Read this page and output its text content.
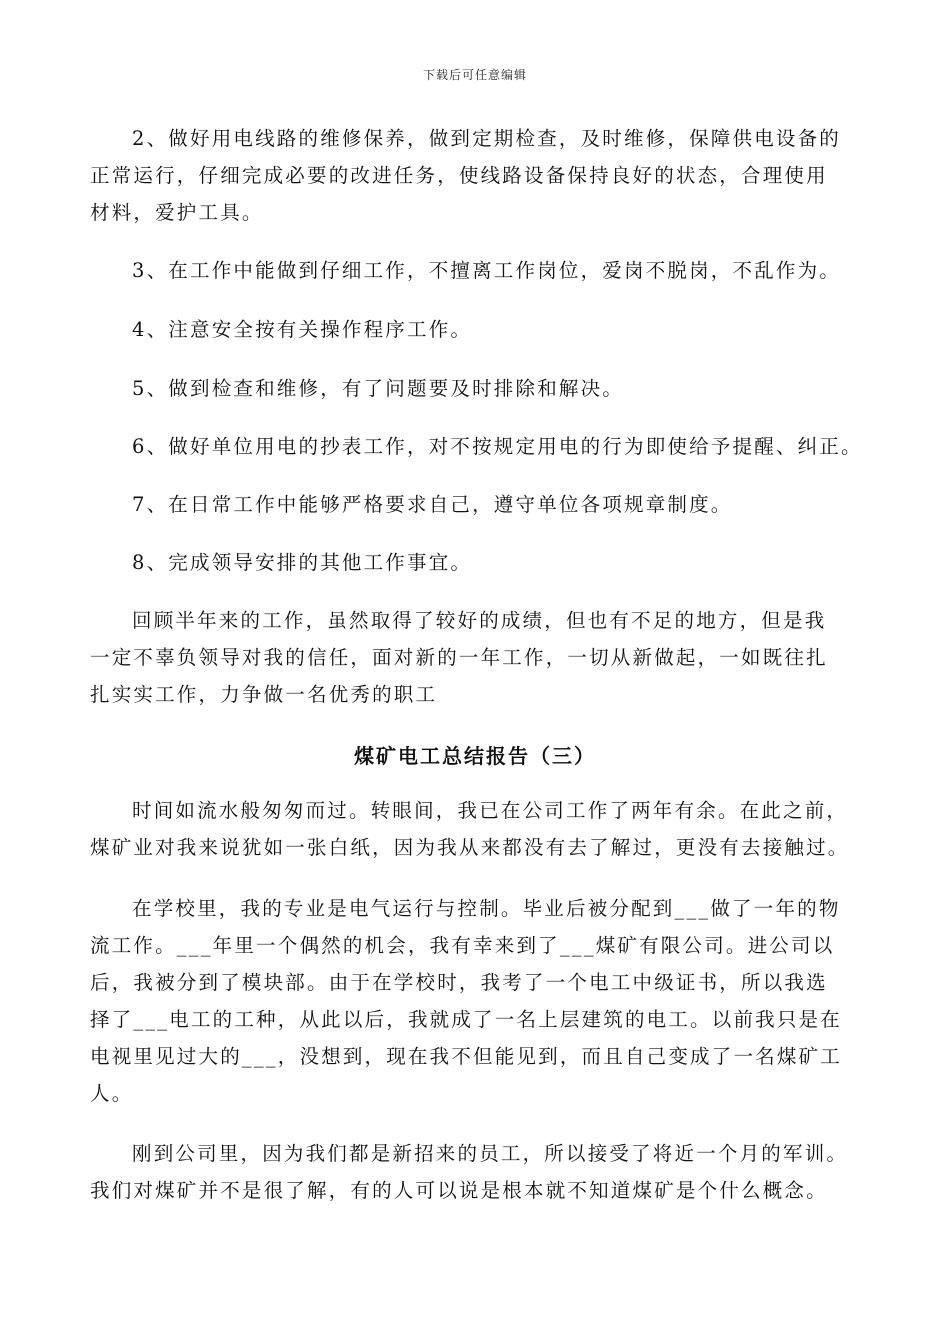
下载后可任意编辑
2、做好用电线路的维修保养，做到定期检查，及时维修，保障供电设备的
正常运行，仔细完成必要的改进任务，使线路设备保持良好的状态，合理使用
材料，爱护工具。
3、在工作中能做到仔细工作，不擅离工作岗位，爱岗不脱岗，不乱作为。
4、注意安全按有关操作程序工作。
5、做到检查和维修，有了问题要及时排除和解决。
6、做好单位用电的抄表工作，对不按规定用电的行为即使给予提醒、纠正。
7、在日常工作中能够严格要求自己，遵守单位各项规章制度。
8、完成领导安排的其他工作事宜。
回顾半年来的工作，虽然取得了较好的成绩，但也有不足的地方，但是我
一定不辜负领导对我的信任，面对新的一年工作，一切从新做起，一如既往扎
扎实实工作，力争做一名优秀的职工
煤矿电工总结报告（三）
时间如流水般匆匆而过。转眼间，我已在公司工作了两年有余。在此之前，
煤矿业对我来说犹如一张白纸，因为我从来都没有去了解过，更没有去接触过。
在学校里，我的专业是电气运行与控制。毕业后被分配到___做了一年的物
流工作。___年里一个偶然的机会，我有幸来到了___煤矿有限公司。进公司以
后，我被分到了模块部。由于在学校时，我考了一个电工中级证书，所以我选
择了___电工的工种，从此以后，我就成了一名上层建筑的电工。以前我只是在
电视里见过大的___，没想到，现在我不但能见到，而且自己变成了一名煤矿工
人。
刚到公司里，因为我们都是新招来的员工，所以接受了将近一个月的军训。
我们对煤矿并不是很了解，有的人可以说是根本就不知道煤矿是个什么概念。
